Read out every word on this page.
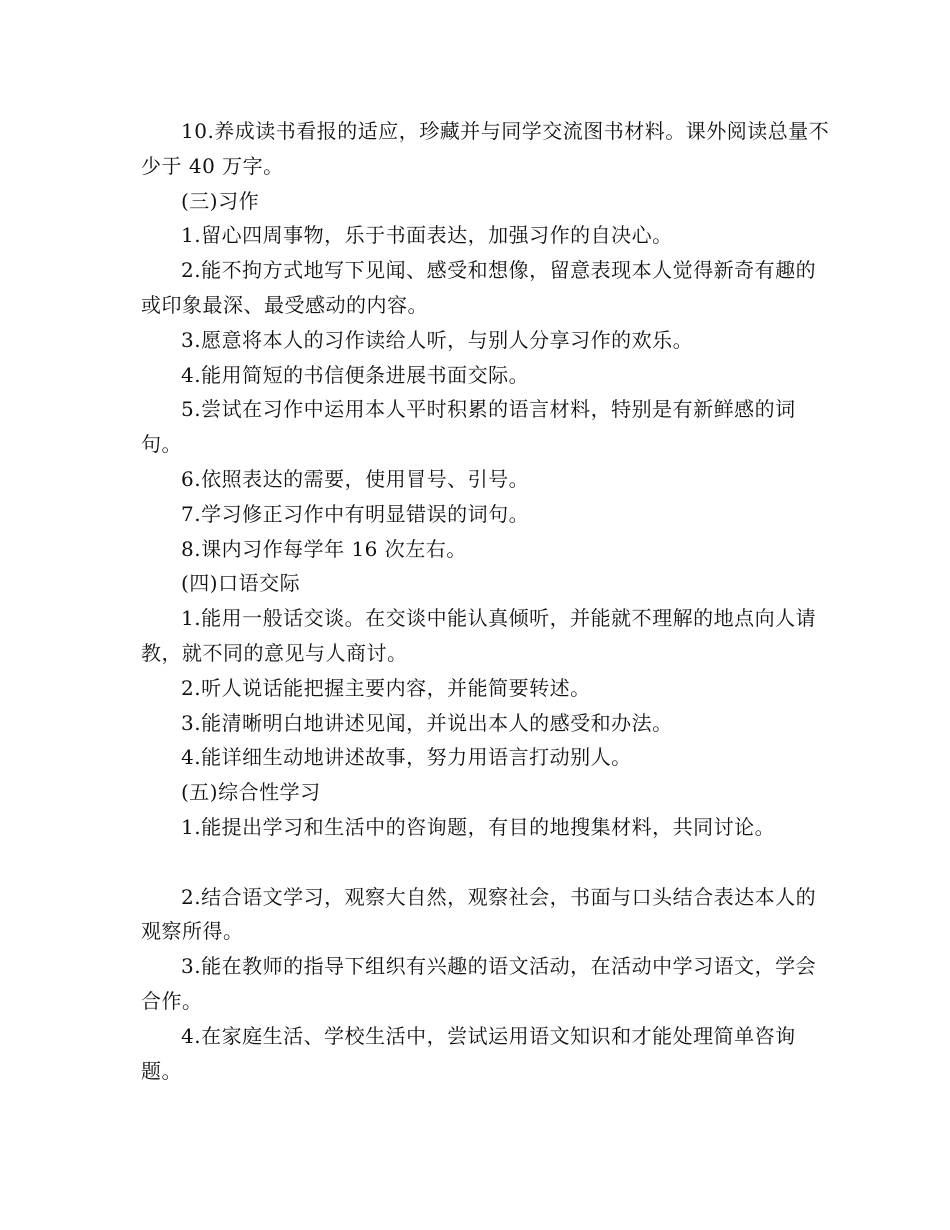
10.养成读书看报的适应，珍藏并与同学交流图书材料。课外阅读总量不少于 40 万字。

(三)习作

1.留心四周事物，乐于书面表达，加强习作的自决心。

2.能不拘方式地写下见闻、感受和想像，留意表现本人觉得新奇有趣的或印象最深、最受感动的内容。

3.愿意将本人的习作读给人听，与别人分享习作的欢乐。

4.能用简短的书信便条进展书面交际。

5.尝试在习作中运用本人平时积累的语言材料，特别是有新鲜感的词句。

6.依照表达的需要，使用冒号、引号。

7.学习修正习作中有明显错误的词句。

8.课内习作每学年 16 次左右。

(四)口语交际

1.能用一般话交谈。在交谈中能认真倾听，并能就不理解的地点向人请教，就不同的意见与人商讨。

2.听人说话能把握主要内容，并能简要转述。

3.能清晰明白地讲述见闻，并说出本人的感受和办法。

4.能详细生动地讲述故事，努力用语言打动别人。

(五)综合性学习

1.能提出学习和生活中的咨询题，有目的地搜集材料，共同讨论。

2.结合语文学习，观察大自然，观察社会，书面与口头结合表达本人的观察所得。

3.能在教师的指导下组织有兴趣的语文活动，在活动中学习语文，学会合作。

4.在家庭生活、学校生活中，尝试运用语文知识和才能处理简单咨询题。
